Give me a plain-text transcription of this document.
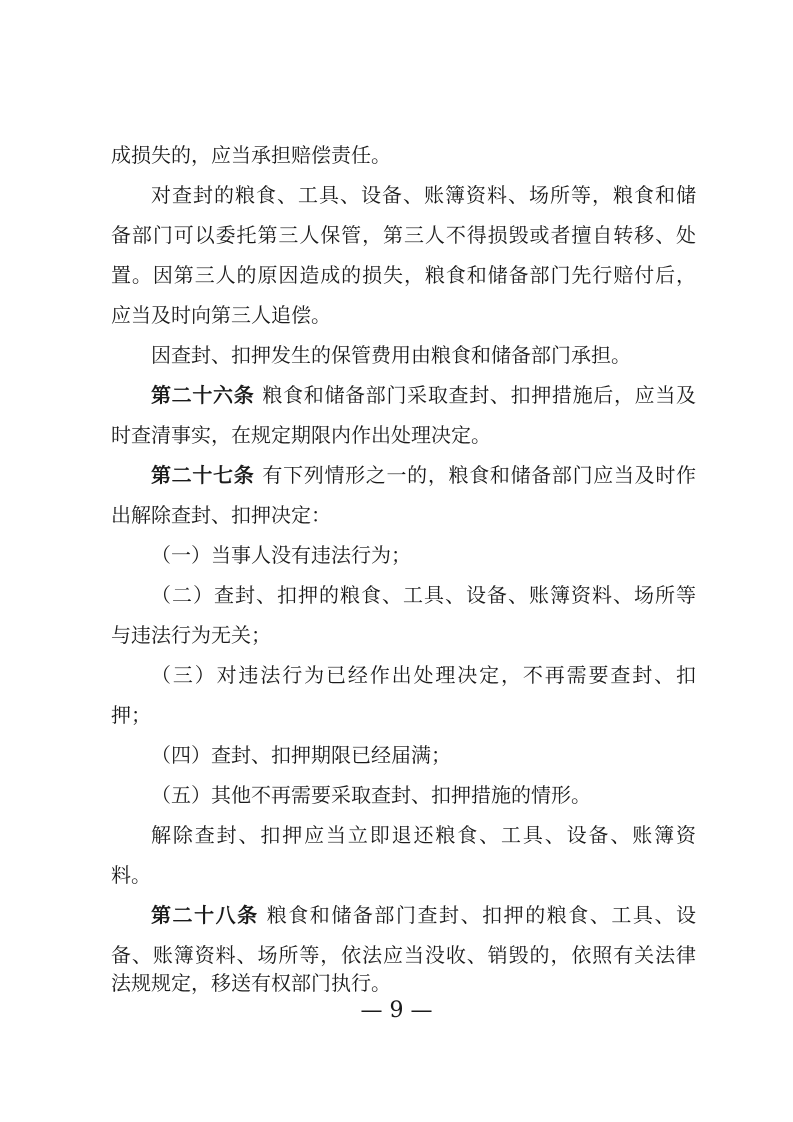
成损失的，应当承担赔偿责任。
对查封的粮食、工具、设备、账簿资料、场所等，粮食和储
备部门可以委托第三人保管，第三人不得损毁或者擅自转移、处
置。因第三人的原因造成的损失，粮食和储备部门先行赔付后，
应当及时向第三人追偿。
因查封、扣押发生的保管费用由粮食和储备部门承担。
第二十六条 粮食和储备部门采取查封、扣押措施后，应当及
时查清事实，在规定期限内作出处理决定。
第二十七条 有下列情形之一的，粮食和储备部门应当及时作
出解除查封、扣押决定：
（一）当事人没有违法行为；
（二）查封、扣押的粮食、工具、设备、账簿资料、场所等
与违法行为无关；
（三）对违法行为已经作出处理决定，不再需要查封、扣
押；
（四）查封、扣押期限已经届满；
（五）其他不再需要采取查封、扣押措施的情形。
解除查封、扣押应当立即退还粮食、工具、设备、账簿资
料。
第二十八条 粮食和储备部门查封、扣押的粮食、工具、设
备、账簿资料、场所等，依法应当没收、销毁的，依照有关法律
法规规定，移送有权部门执行。
— 9 —
